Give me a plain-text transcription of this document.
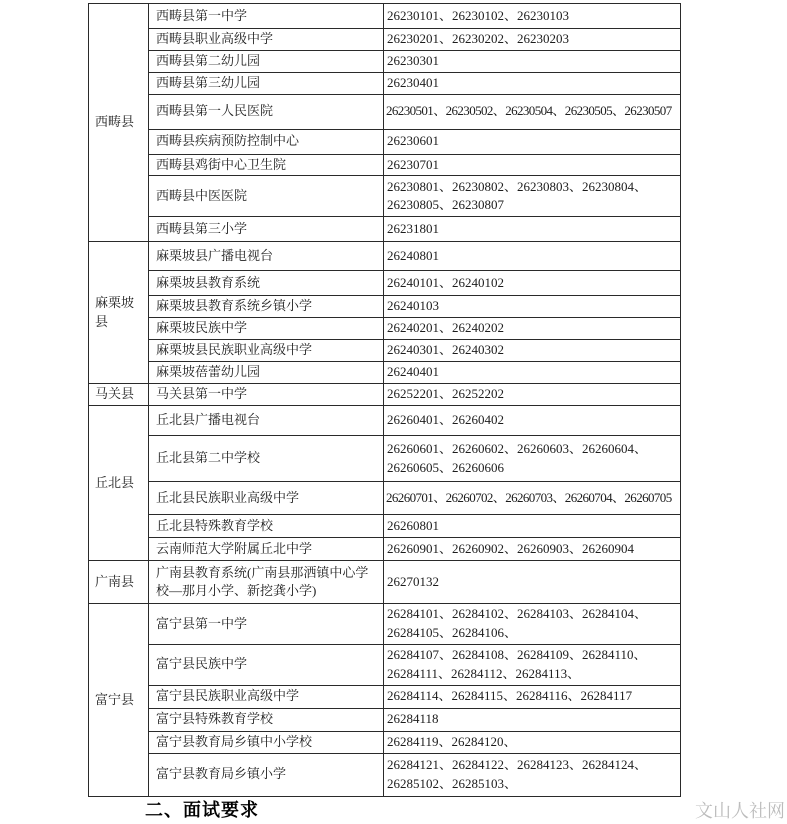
西畴县	西畴县第一中学	26230101、26230102、26230103
	西畴县职业高级中学	26230201、26230202、26230203
	西畴县第二幼儿园	26230301
	西畴县第三幼儿园	26230401
	西畴县第一人民医院	26230501、26230502、26230504、26230505、26230507
	西畴县疾病预防控制中心	26230601
	西畴县鸡街中心卫生院	26230701
	西畴县中医医院	26230801、26230802、26230803、26230804、26230805、26230807
	西畴县第三小学	26231801
麻栗坡县	麻栗坡县广播电视台	26240801
	麻栗坡县教育系统	26240101、26240102
	麻栗坡县教育系统乡镇小学	26240103
	麻栗坡民族中学	26240201、26240202
	麻栗坡县民族职业高级中学	26240301、26240302
	麻栗坡蓓蕾幼儿园	26240401
马关县	马关县第一中学	26252201、26252202
丘北县	丘北县广播电视台	26260401、26260402
	丘北县第二中学校	26260601、26260602、26260603、26260604、26260605、26260606
	丘北县民族职业高级中学	26260701、26260702、26260703、26260704、26260705
	丘北县特殊教育学校	26260801
	云南师范大学附属丘北中学	26260901、26260902、26260903、26260904
广南县	广南县教育系统(广南县那洒镇中心学校—那月小学、新挖龚小学)	26270132
富宁县	富宁县第一中学	26284101、26284102、26284103、26284104、26284105、26284106、
	富宁县民族中学	26284107、26284108、26284109、26284110、26284111、26284112、26284113、
	富宁县民族职业高级中学	26284114、26284115、26284116、26284117
	富宁县特殊教育学校	26284118
	富宁县教育局乡镇中小学校	26284119、26284120、
	富宁县教育局乡镇小学	26284121、26284122、26284123、26284124、26285102、26285103、
二、面试要求	文山人社网
